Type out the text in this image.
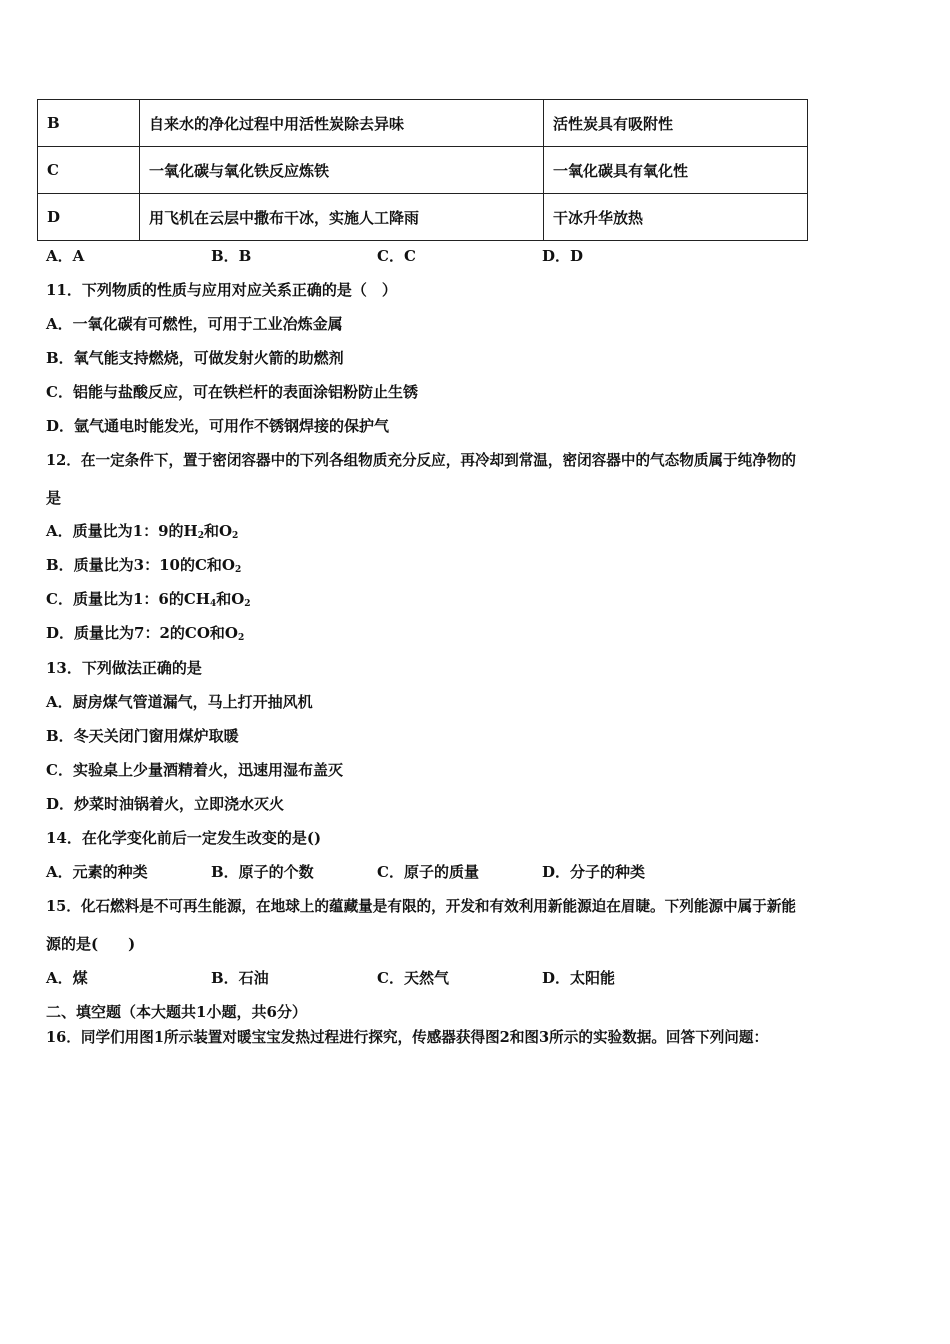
B	自来水的净化过程中用活性炭除去异味	活性炭具有吸附性
C	一氧化碳与氧化铁反应炼铁	一氧化碳具有氧化性
D	用飞机在云层中撒布干冰，实施人工降雨	干冰升华放热
A．A	B．B	C．C	D．D
11．下列物质的性质与应用对应关系正确的是（　）
A．一氧化碳有可燃性，可用于工业冶炼金属
B．氧气能支持燃烧，可做发射火箭的助燃剂
C．铝能与盐酸反应，可在铁栏杆的表面涂铝粉防止生锈
D．氩气通电时能发光，可用作不锈钢焊接的保护气
12．在一定条件下，置于密闭容器中的下列各组物质充分反应，再冷却到常温，密闭容器中的气态物质属于纯净物的
是
A．质量比为1：9的$H_2$和$O_2$
B．质量比为3：10的C和$O_2$
C．质量比为1：6的$CH_4$和$O_2$
D．质量比为7：2的CO和$O_2$
13．下列做法正确的是
A．厨房煤气管道漏气，马上打开抽风机
B．冬天关闭门窗用煤炉取暖
C．实验桌上少量酒精着火，迅速用湿布盖灭
D．炒菜时油锅着火，立即浇水灭火
14．在化学变化前后一定发生改变的是()
A．元素的种类	B．原子的个数	C．原子的质量	D．分子的种类
15．化石燃料是不可再生能源，在地球上的蕴藏量是有限的，开发和有效利用新能源迫在眉睫。下列能源中属于新能
源的是(　　)
A．煤	B．石油	C．天然气	D．太阳能
二、填空题（本大题共1小题，共6分）
16．同学们用图1所示装置对暖宝宝发热过程进行探究，传感器获得图2和图3所示的实验数据。回答下列问题：
